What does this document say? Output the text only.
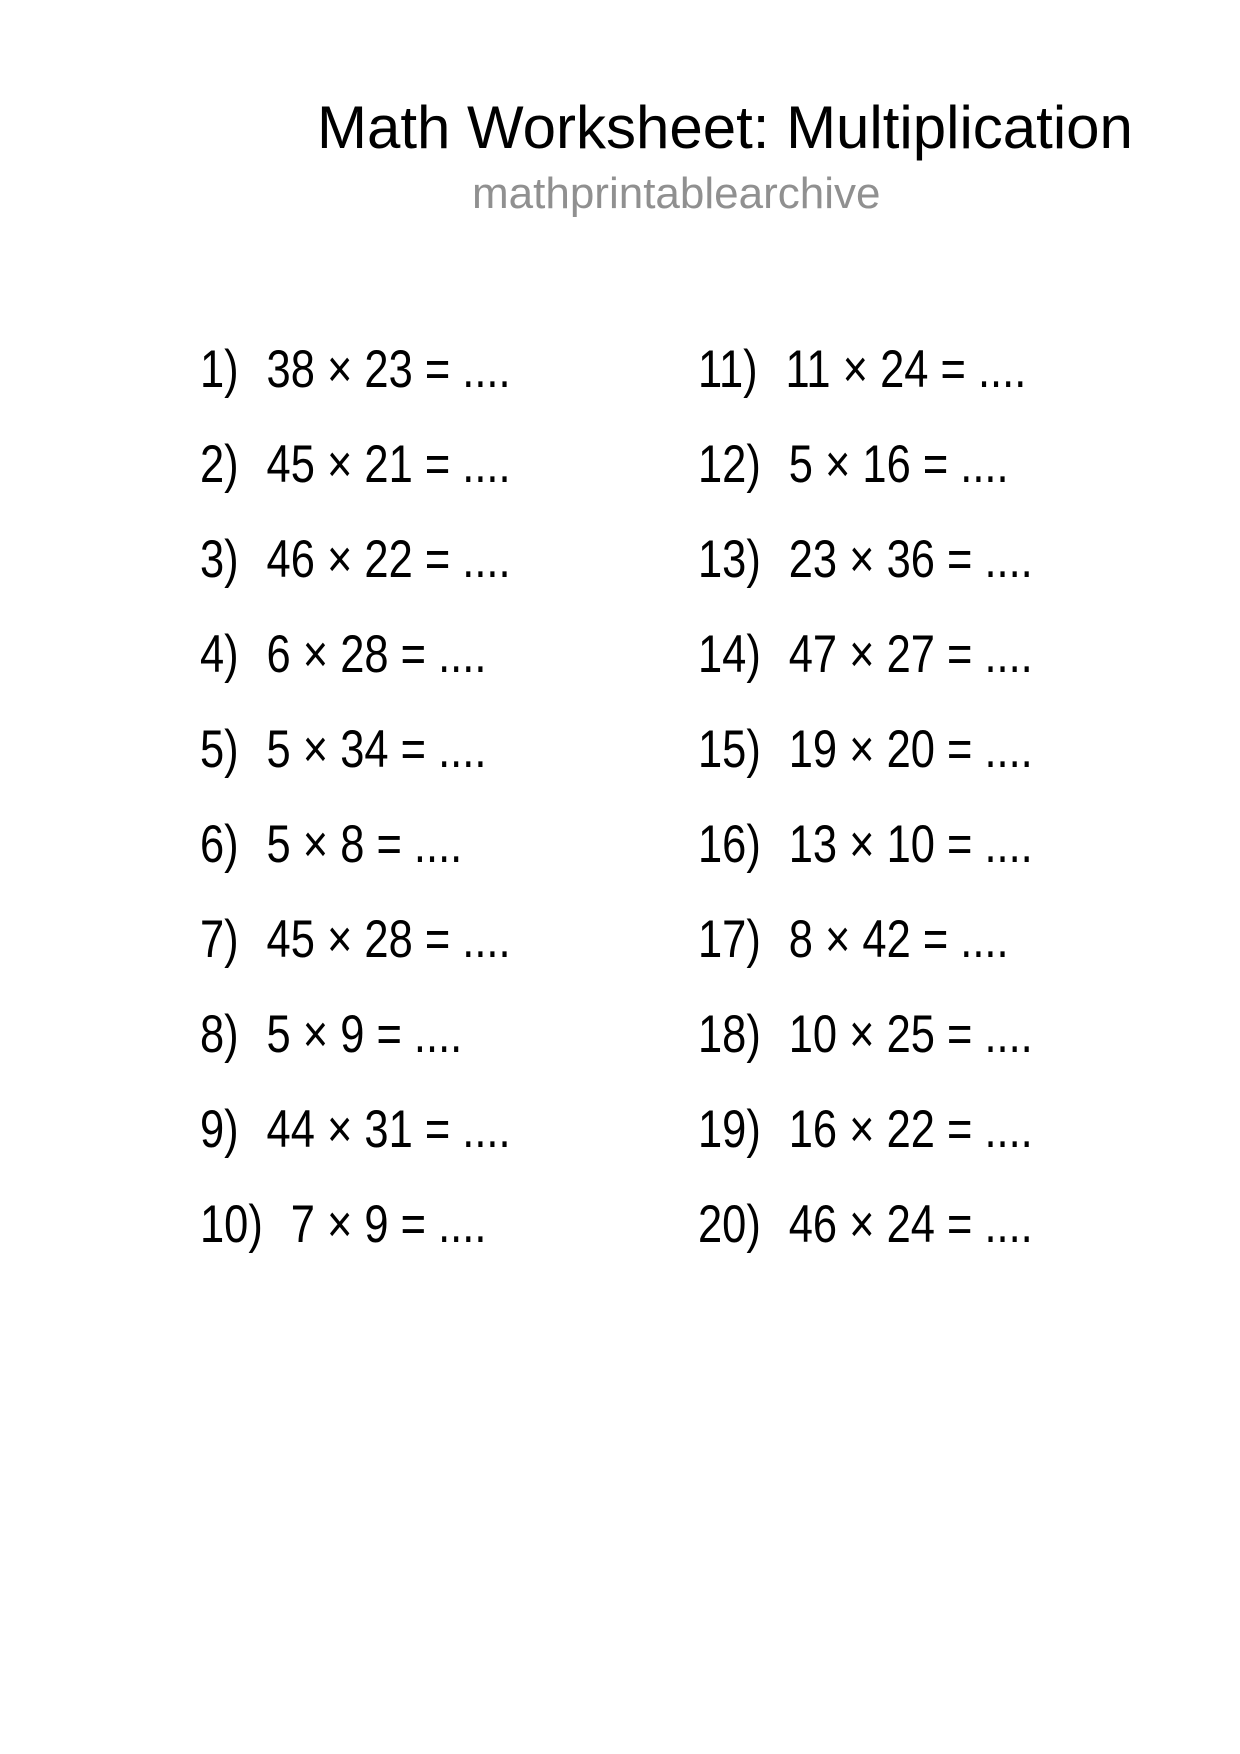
Math Worksheet: Multiplication
mathprintablearchive
1) 38 × 23 = ....
2) 45 × 21 = ....
3) 46 × 22 = ....
4) 6 × 28 = ....
5) 5 × 34 = ....
6) 5 × 8 = ....
7) 45 × 28 = ....
8) 5 × 9 = ....
9) 44 × 31 = ....
10) 7 × 9 = ....
11) 11 × 24 = ....
12) 5 × 16 = ....
13) 23 × 36 = ....
14) 47 × 27 = ....
15) 19 × 20 = ....
16) 13 × 10 = ....
17) 8 × 42 = ....
18) 10 × 25 = ....
19) 16 × 22 = ....
20) 46 × 24 = ....
